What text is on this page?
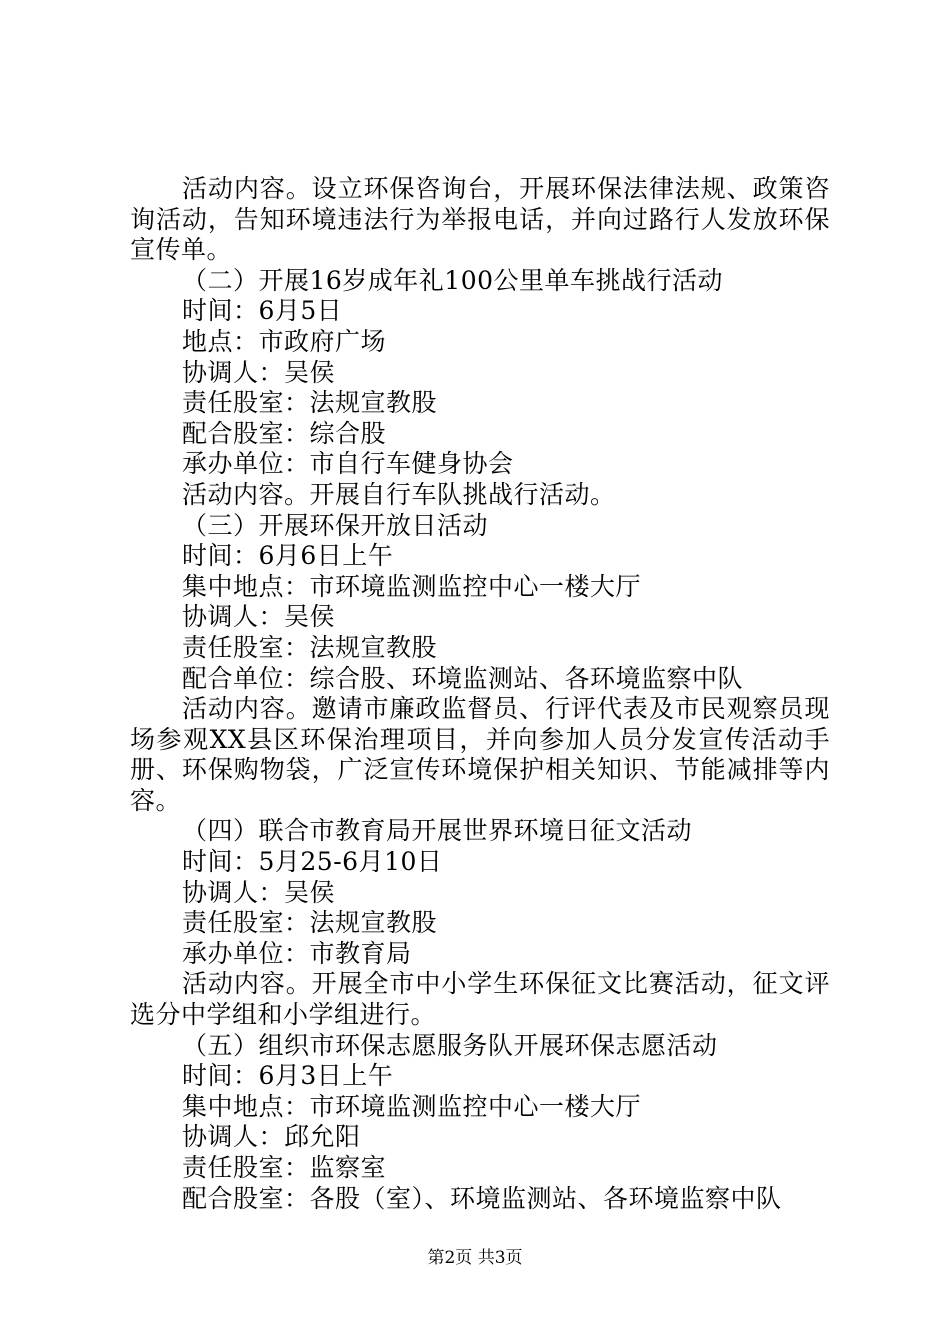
活动内容。设立环保咨询台，开展环保法律法规、政策咨询活动，告知环境违法行为举报电话，并向过路行人发放环保宣传单。
（二）开展16岁成年礼100公里单车挑战行活动
时间：6月5日
地点：市政府广场
协调人：吴侯
责任股室：法规宣教股
配合股室：综合股
承办单位：市自行车健身协会
活动内容。开展自行车队挑战行活动。
（三）开展环保开放日活动
时间：6月6日上午
集中地点：市环境监测监控中心一楼大厅
协调人：吴侯
责任股室：法规宣教股
配合单位：综合股、环境监测站、各环境监察中队
活动内容。邀请市廉政监督员、行评代表及市民观察员现场参观XX县区环保治理项目，并向参加人员分发宣传活动手册、环保购物袋，广泛宣传环境保护相关知识、节能减排等内容。
（四）联合市教育局开展世界环境日征文活动
时间：5月25-6月10日
协调人：吴侯
责任股室：法规宣教股
承办单位：市教育局
活动内容。开展全市中小学生环保征文比赛活动，征文评选分中学组和小学组进行。
（五）组织市环保志愿服务队开展环保志愿活动
时间：6月3日上午
集中地点：市环境监测监控中心一楼大厅
协调人：邱允阳
责任股室：监察室
配合股室：各股（室）、环境监测站、各环境监察中队
第2页 共3页
